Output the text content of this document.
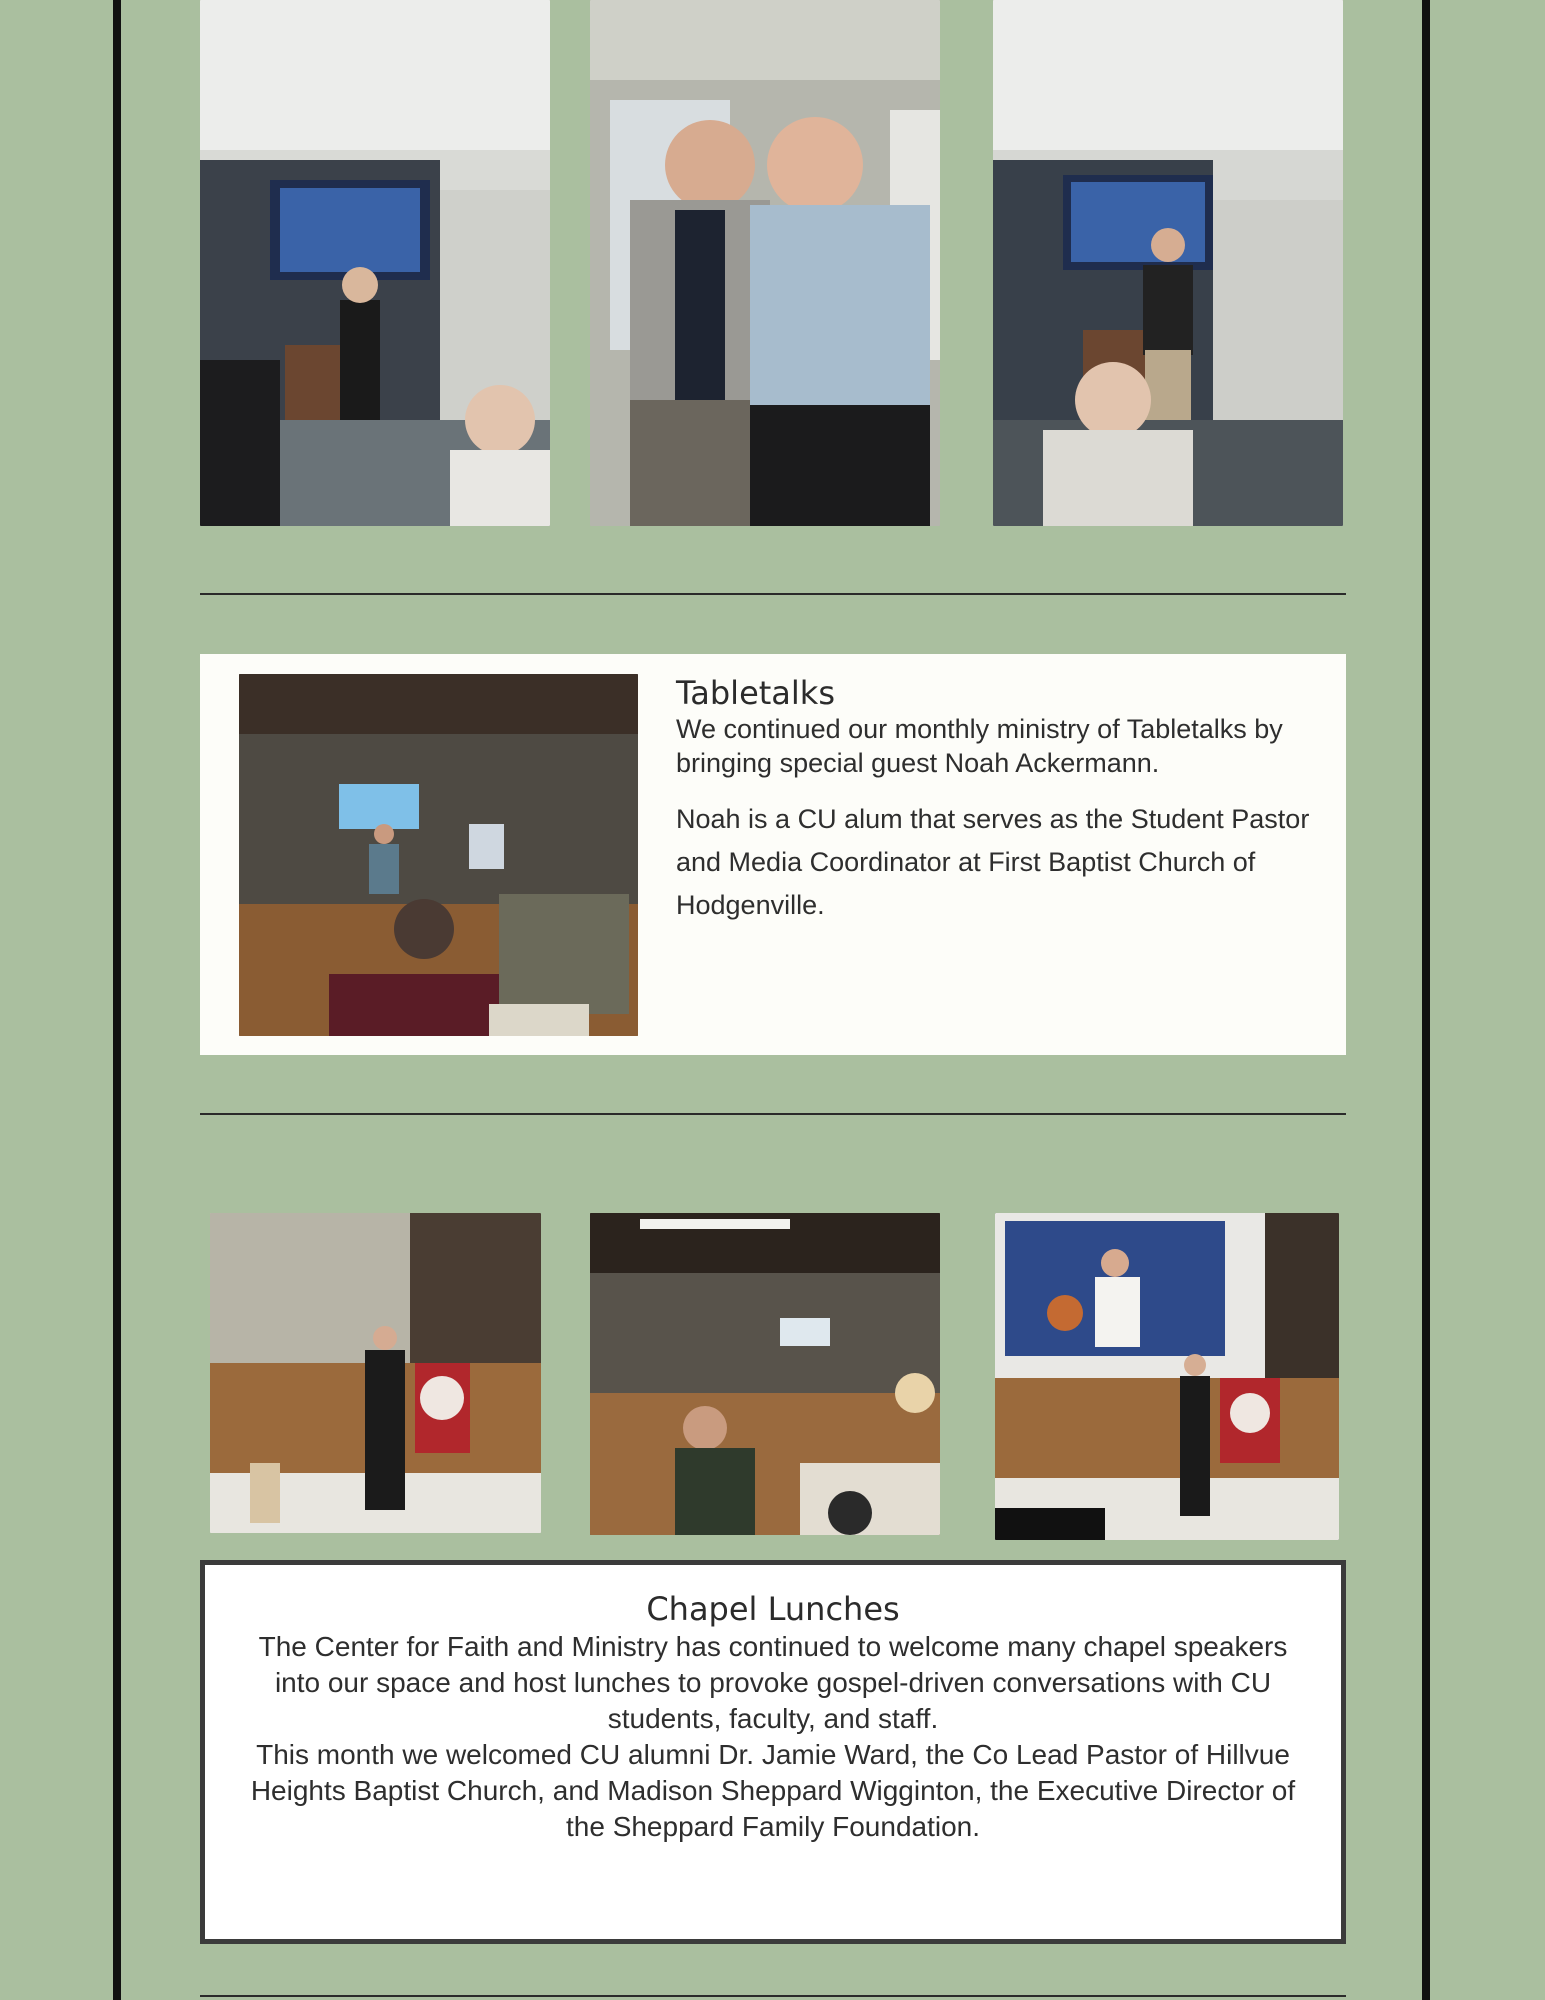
Tabletalks

We continued our monthly ministry of Tabletalks by bringing special guest Noah Ackermann.

Noah is a CU alum that serves as the Student Pastor and Media Coordinator at First Baptist Church of Hodgenville.

Chapel Lunches

The Center for Faith and Ministry has continued to welcome many chapel speakers into our space and host lunches to provoke gospel-driven conversations with CU students, faculty, and staff.

This month we welcomed CU alumni Dr. Jamie Ward, the Co Lead Pastor of Hillvue Heights Baptist Church, and Madison Sheppard Wigginton, the Executive Director of the Sheppard Family Foundation.
